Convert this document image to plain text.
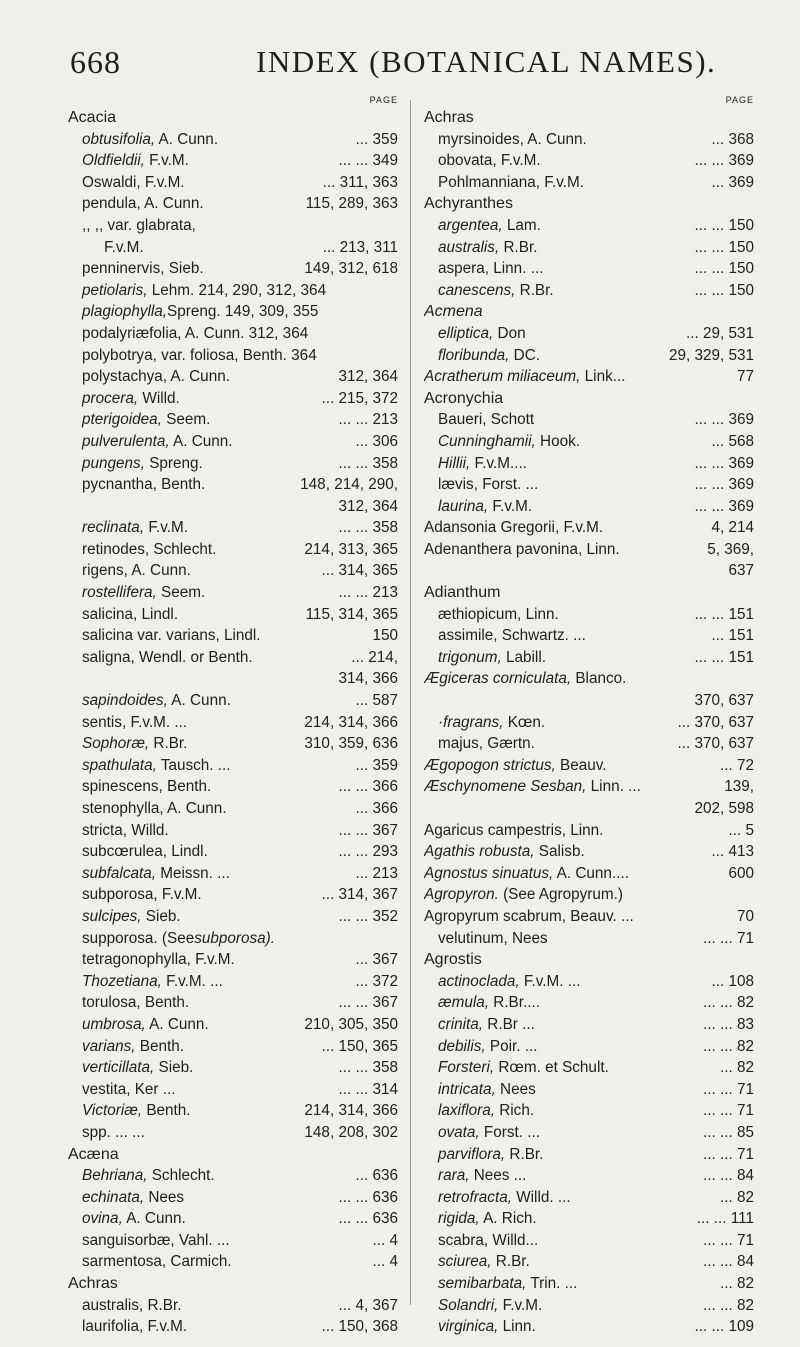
668	INDEX (BOTANICAL NAMES).
PAGE
Acacia
obtusifolia, A. Cunn.	... 359
Oldfieldii, F.v.M.	... ... 349
Oswaldi, F.v.M.	... 311, 363
pendula, A. Cunn.	115, 289, 363
,, ,, var. glabrata,
F.v.M.	... 213, 311
penninervis, Sieb.	149, 312, 618
petiolaris, Lehm. 214, 290, 312, 364
plagiophylla,Spreng. 149, 309, 355
podalyriæfolia, A. Cunn. 312, 364
polybotrya, var. foliosa, Benth. 364
polystachya, A. Cunn.	312, 364
procera, Willd.	... 215, 372
pterigoidea, Seem.	... ... 213
pulverulenta, A. Cunn.	... 306
pungens, Spreng.	... ... 358
pycnantha, Benth.	148, 214, 290,
312, 364
reclinata, F.v.M.	... ... 358
retinodes, Schlecht.	214, 313, 365
rigens, A. Cunn.	... 314, 365
rostellifera, Seem.	... ... 213
salicina, Lindl.	115, 314, 365
salicina var. varians, Lindl.	150
saligna, Wendl. or Benth.	... 214,
314, 366
sapindoides, A. Cunn.	... 587
sentis, F.v.M. ...	214, 314, 366
Sophoræ, R.Br.	310, 359, 636
spathulata, Tausch. ...	... 359
spinescens, Benth.	... ... 366
stenophylla, A. Cunn.	... 366
stricta, Willd.	... ... 367
subcœrulea, Lindl.	... ... 293
subfalcata, Meissn. ...	... 213
subporosa, F.v.M.	... 314, 367
sulcipes, Sieb.	... ... 352
supporosa. (Seesubporosa).
tetragonophylla, F.v.M.	... 367
Thozetiana, F.v.M. ...	... 372
torulosa, Benth.	... ... 367
umbrosa, A. Cunn.	210, 305, 350
varians, Benth.	... 150, 365
verticillata, Sieb.	... ... 358
vestita, Ker ...	... ... 314
Victoriæ, Benth.	214, 314, 366
spp. ... ...	148, 208, 302
Acæna
Behriana, Schlecht.	... 636
echinata, Nees	... ... 636
ovina, A. Cunn.	... ... 636
sanguisorbæ, Vahl. ...	... 4
sarmentosa, Carmich.	... 4
Achras
australis, R.Br.	... 4, 367
laurifolia, F.v.M.	... 150, 368
PAGE
Achras
myrsinoides, A. Cunn.	... 368
obovata, F.v.M.	... ... 369
Pohlmanniana, F.v.M.	... 369
Achyranthes
argentea, Lam.	... ... 150
australis, R.Br.	... ... 150
aspera, Linn. ...	... ... 150
canescens, R.Br.	... ... 150
Acmena
elliptica, Don	... 29, 531
floribunda, DC.	29, 329, 531
Acratherum miliaceum, Link...	77
Acronychia
Baueri, Schott	... ... 369
Cunninghamii, Hook.	... 568
Hillii, F.v.M....	... ... 369
lævis, Forst. ...	... ... 369
laurina, F.v.M.	... ... 369
Adansonia Gregorii, F.v.M.	4, 214
Adenanthera pavonina, Linn.	5, 369,
637
Adianthum
æthiopicum, Linn.	... ... 151
assimile, Schwartz. ...	... 151
trigonum, Labill.	... ... 151
Ægiceras corniculata, Blanco.
370, 637
·fragrans, Kœn.	... 370, 637
majus, Gærtn.	... 370, 637
Ægopogon strictus, Beauv.	... 72
Æschynomene Sesban, Linn. ...	139,
202, 598
Agaricus campestris, Linn.	... 5
Agathis robusta, Salisb.	... 413
Agnostus sinuatus, A. Cunn....	600
Agropyron. (See Agropyrum.)
Agropyrum scabrum, Beauv. ...	70
velutinum, Nees	... ... 71
Agrostis
actinoclada, F.v.M. ...	... 108
æmula, R.Br....	... ... 82
crinita, R.Br ...	... ... 83
debilis, Poir. ...	... ... 82
Forsteri, Rœm. et Schult.	... 82
intricata, Nees	... ... 71
laxiflora, Rich.	... ... 71
ovata, Forst. ...	... ... 85
parviflora, R.Br.	... ... 71
rara, Nees ...	... ... 84
retrofracta, Willd. ...	... 82
rigida, A. Rich.	... ... 111
scabra, Willd...	... ... 71
sciurea, R.Br.	... ... 84
semibarbata, Trin. ...	... 82
Solandri, F.v.M.	... ... 82
virginica, Linn.	... ... 109
